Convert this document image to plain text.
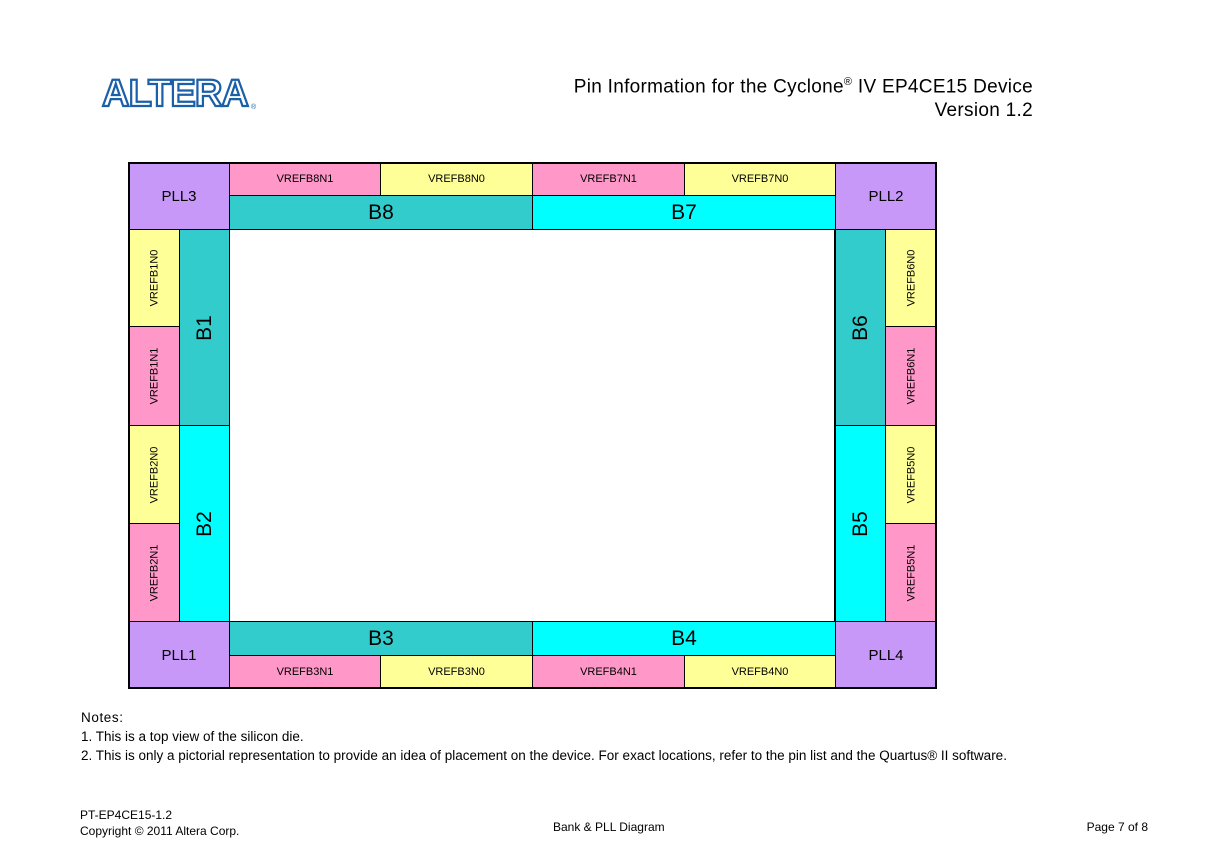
ALTERA ®
Pin Information for the Cyclone® IV EP4CE15 Device
Version 1.2
PLL3	PLL2
PLL1	PLL4
VREFB8N1	VREFB8N0	VREFB7N1	VREFB7N0
B8	B7
B3	B4
VREFB3N1	VREFB3N0	VREFB4N1	VREFB4N0
VREFB1N0
VREFB1N1
VREFB2N0
VREFB2N1
B1
B2
B6
B5
VREFB6N0
VREFB6N1
VREFB5N0
VREFB5N1
Notes:
1. This is a top view of the silicon die.
2. This is only a pictorial representation to provide an idea of placement on the device. For exact locations, refer to the pin list and the Quartus® II software.
PT-EP4CE15-1.2
Copyright © 2011 Altera Corp.	Bank & PLL Diagram	Page 7 of 8
